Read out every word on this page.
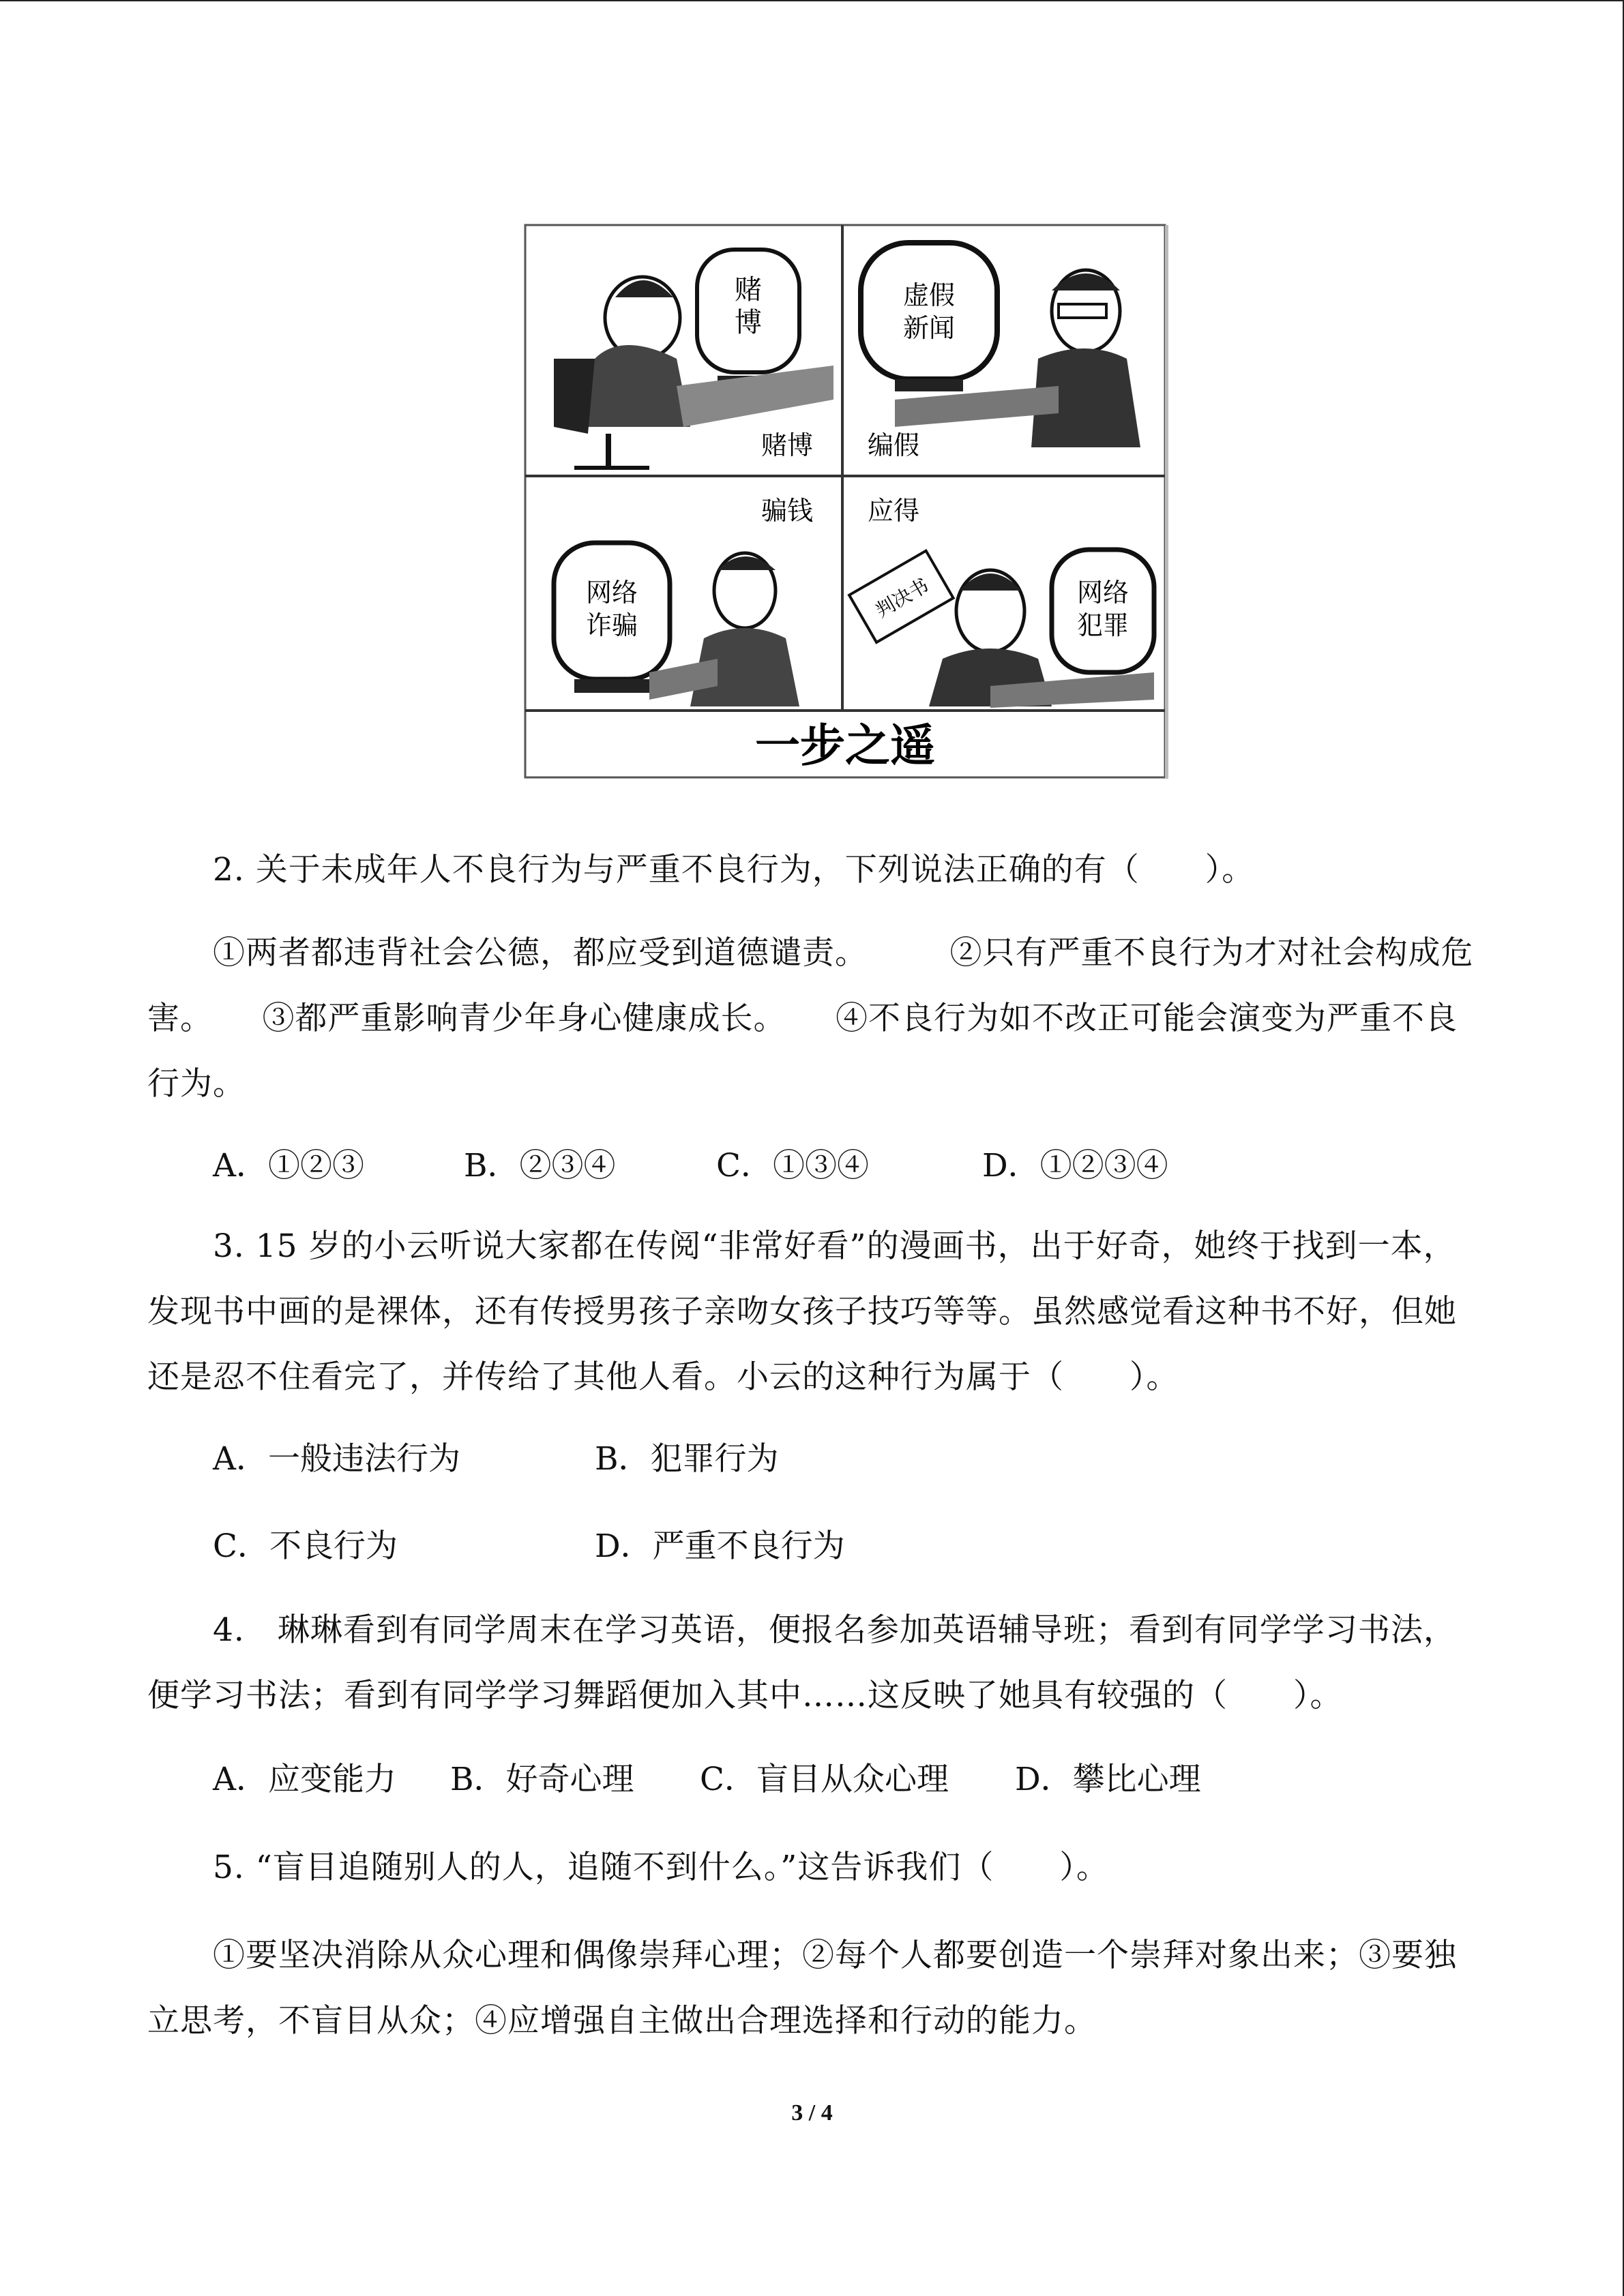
赌
博
赌博
虚假
新闻
编假
骗钱
网络
诈骗
应得
判决书	网络
犯罪
一步之遥

2. 关于未成年人不良行为与严重不良行为，下列说法正确的有（　　）。

①两者都违背社会公德，都应受到道德谴责。　　　②只有严重不良行为才对社会构成危害。　　③都严重影响青少年身心健康成长。　　④不良行为如不改正可能会演变为严重不良行为。

A．①②③	B．②③④	C．①③④	D．①②③④

3. 15 岁的小云听说大家都在传阅“非常好看”的漫画书，出于好奇，她终于找到一本，发现书中画的是裸体，还有传授男孩子亲吻女孩子技巧等等。虽然感觉看这种书不好，但她还是忍不住看完了，并传给了其他人看。小云的这种行为属于（　　）。

A．一般违法行为	B．犯罪行为
C．不良行为	D．严重不良行为

4.　琳琳看到有同学周末在学习英语，便报名参加英语辅导班；看到有同学学习书法，便学习书法；看到有同学学习舞蹈便加入其中……这反映了她具有较强的（　　）。

A．应变能力 B．好奇心理 C．盲目从众心理 D．攀比心理

5. “盲目追随别人的人，追随不到什么。”这告诉我们（　　）。

①要坚决消除从众心理和偶像崇拜心理；②每个人都要创造一个崇拜对象出来；③要独立思考，不盲目从众；④应增强自主做出合理选择和行动的能力。

3 / 4
